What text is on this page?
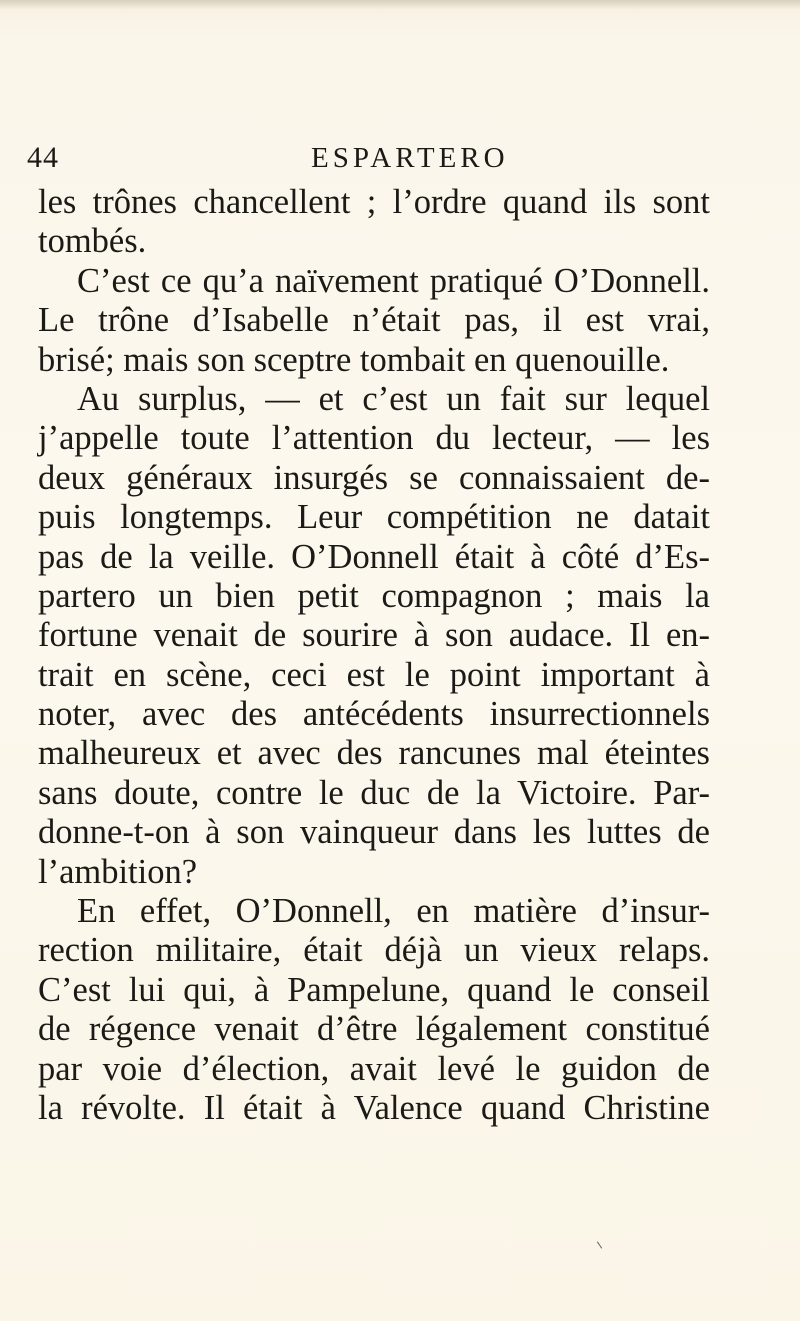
44	ESPARTERO
les trônes chancellent ; l’ordre quand ils sont
tombés.
C’est ce qu’a naïvement pratiqué O’Donnell.
Le trône d’Isabelle n’était pas, il est vrai,
brisé; mais son sceptre tombait en quenouille.
Au surplus, — et c’est un fait sur lequel
j’appelle toute l’attention du lecteur, — les
deux généraux insurgés se connaissaient de-
puis longtemps. Leur compétition ne datait
pas de la veille. O’Donnell était à côté d’Es-
partero un bien petit compagnon ; mais la
fortune venait de sourire à son audace. Il en-
trait en scène, ceci est le point important à
noter, avec des antécédents insurrectionnels
malheureux et avec des rancunes mal éteintes
sans doute, contre le duc de la Victoire. Par-
donne-t-on à son vainqueur dans les luttes de
l’ambition?
En effet, O’Donnell, en matière d’insur-
rection militaire, était déjà un vieux relaps.
C’est lui qui, à Pampelune, quand le conseil
de régence venait d’être légalement constitué
par voie d’élection, avait levé le guidon de
la révolte. Il était à Valence quand Christine
